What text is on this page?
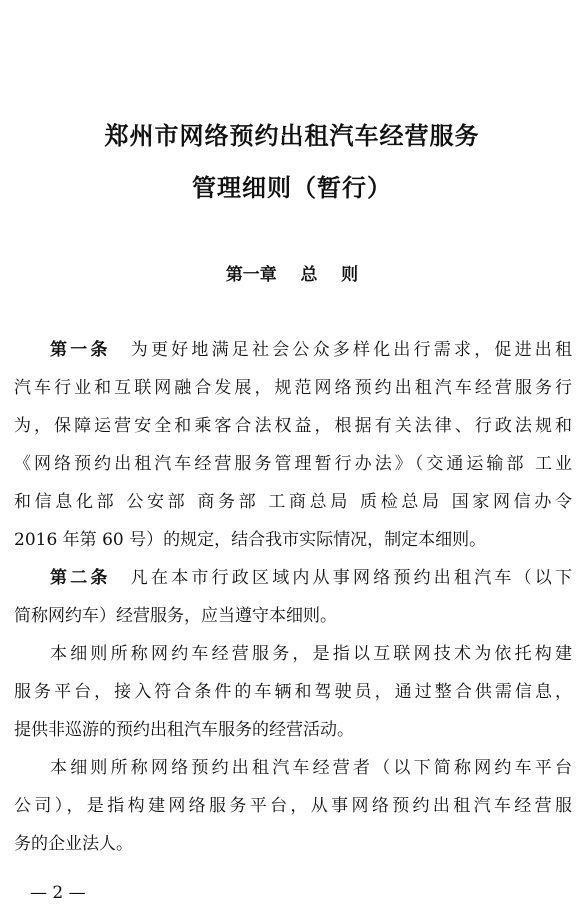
郑州市网络预约出租汽车经营服务
管理细则（暂行）
第一章    总    则
第一条 为更好地满足社会公众多样化出行需求，促进出租
汽车行业和互联网融合发展，规范网络预约出租汽车经营服务行
为，保障运营安全和乘客合法权益，根据有关法律、行政法规和
《网络预约出租汽车经营服务管理暂行办法》（交通运输部 工业
和信息化部 公安部 商务部 工商总局 质检总局 国家网信办令
2016 年第 60 号）的规定，结合我市实际情况，制定本细则。
第二条 凡在本市行政区域内从事网络预约出租汽车（以下
简称网约车）经营服务，应当遵守本细则。
本细则所称网约车经营服务，是指以互联网技术为依托构建
服务平台，接入符合条件的车辆和驾驶员，通过整合供需信息，
提供非巡游的预约出租汽车服务的经营活动。
本细则所称网络预约出租汽车经营者（以下简称网约车平台
公司），是指构建网络服务平台，从事网络预约出租汽车经营服
务的企业法人。
— 2 —
